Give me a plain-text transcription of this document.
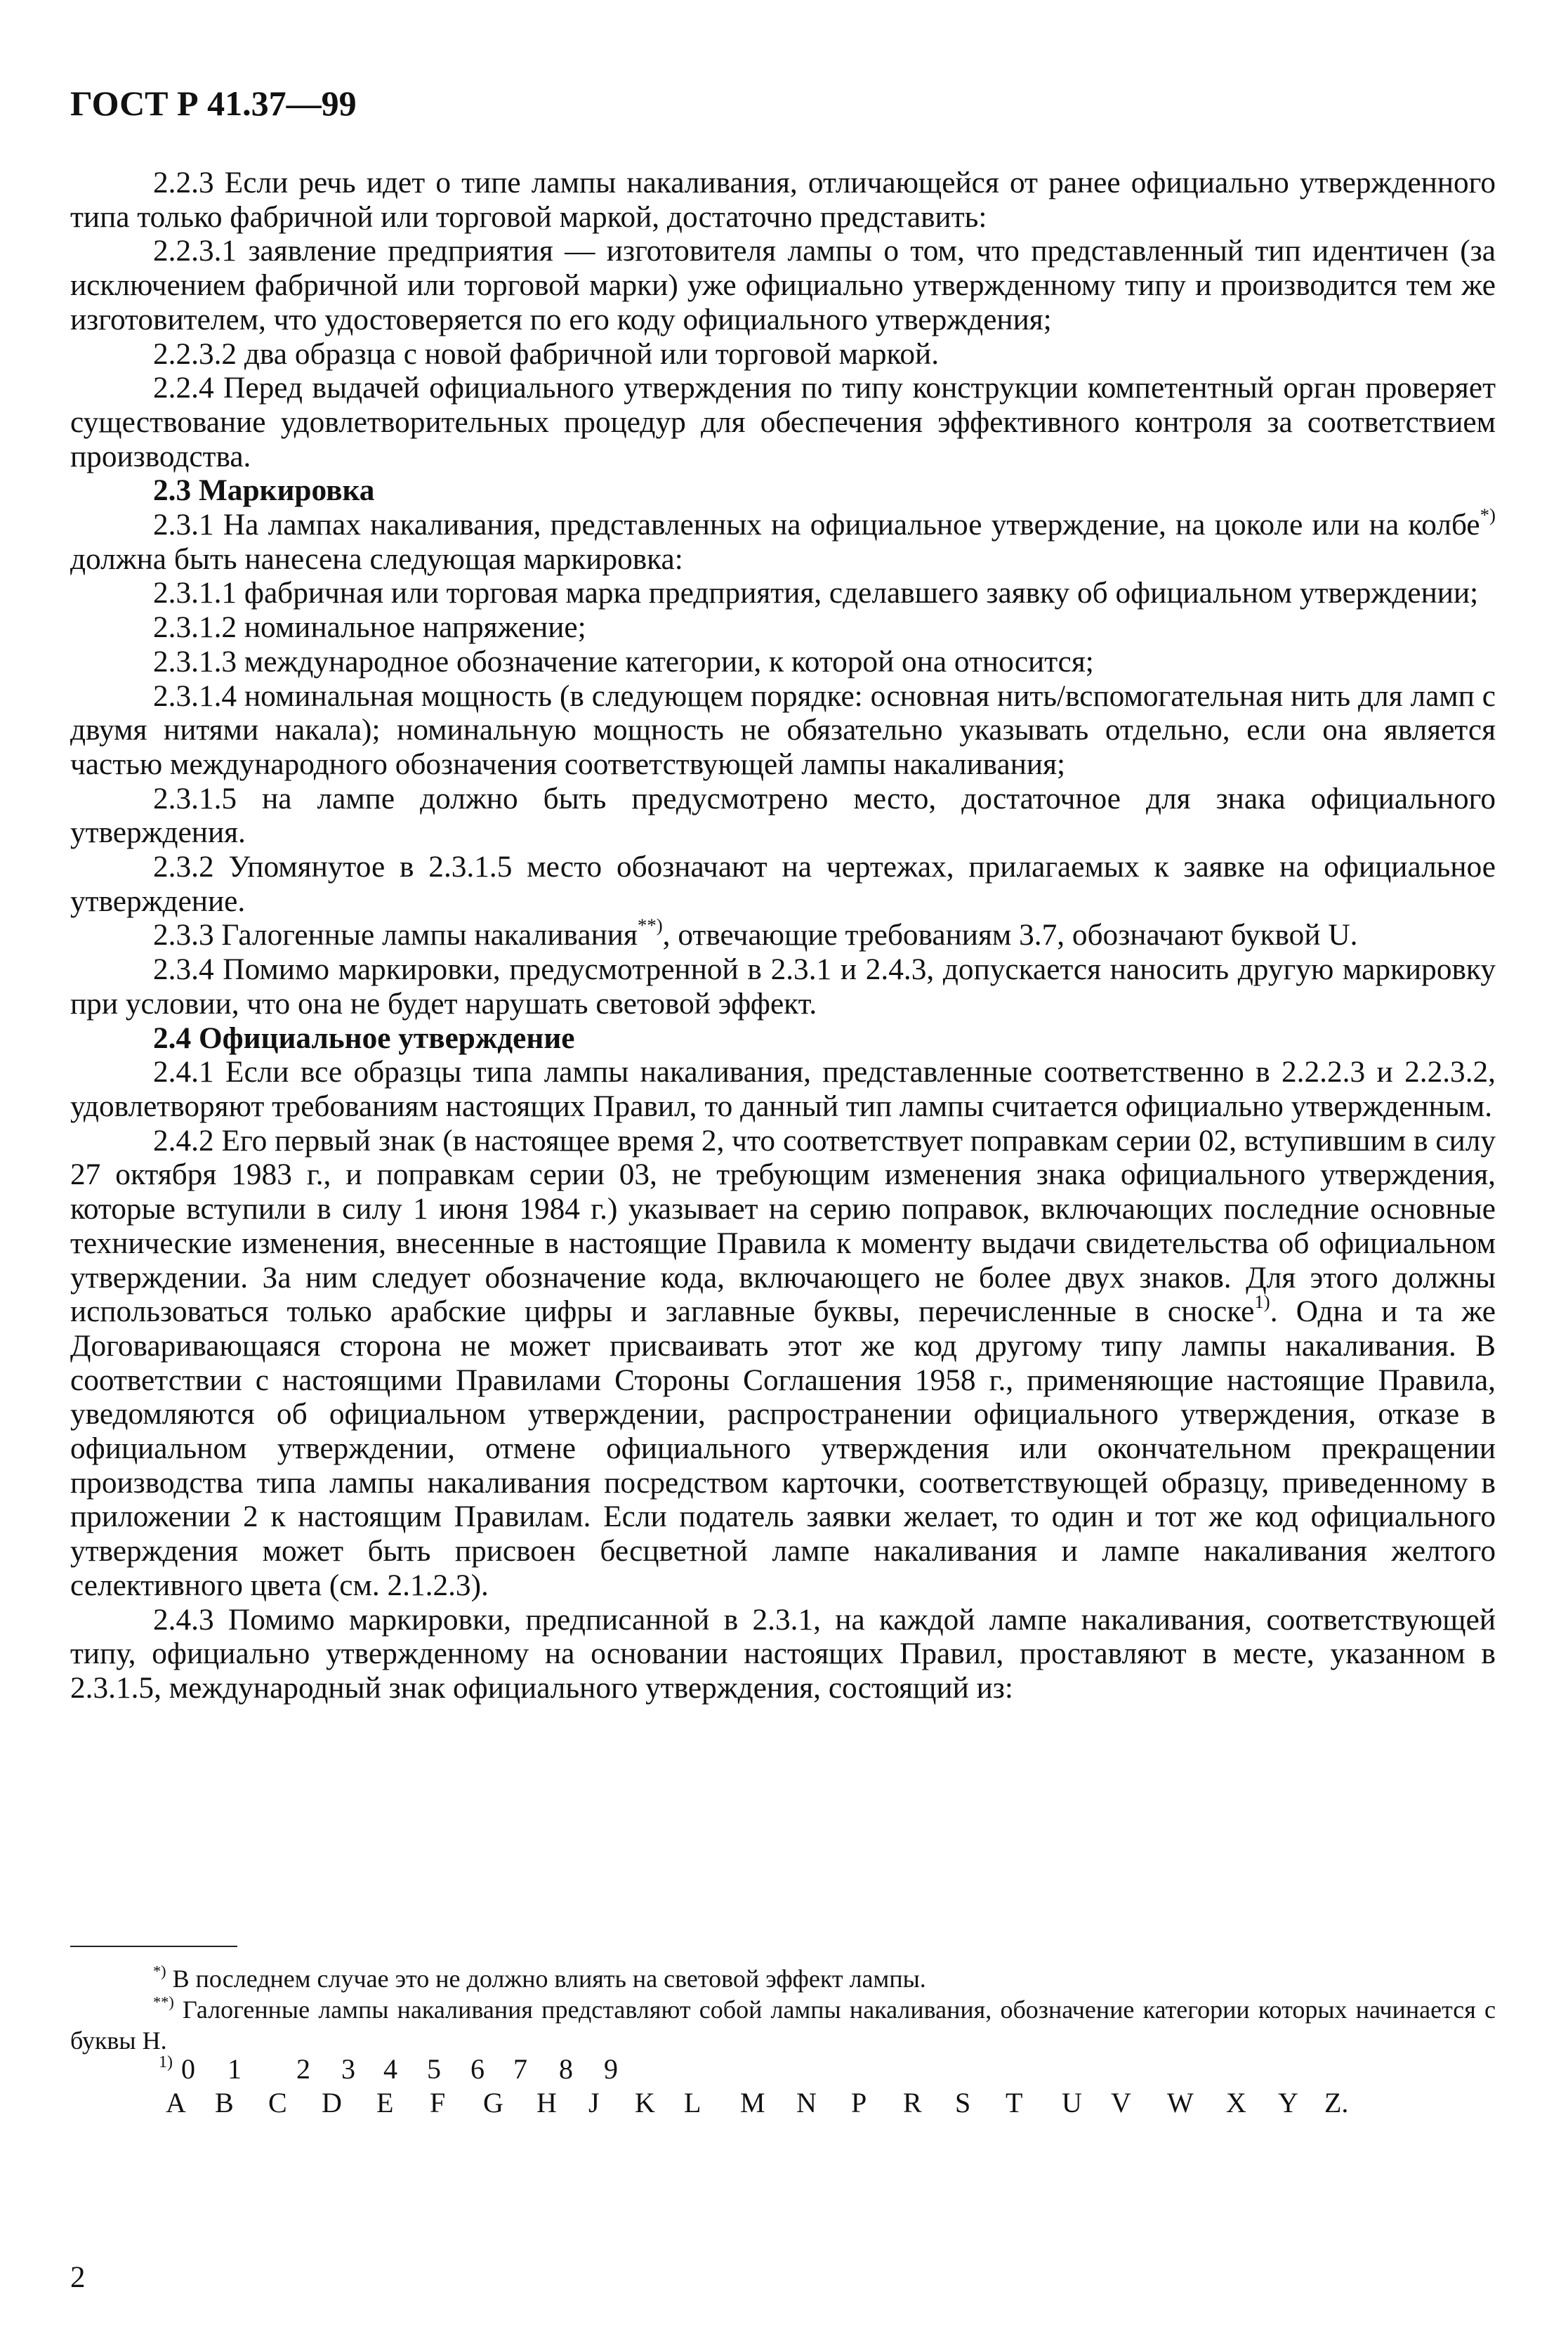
ГОСТ Р 41.37—99

2.2.3 Если речь идет о типе лампы накаливания, отличающейся от ранее официально утвержденного типа только фабричной или торговой маркой, достаточно представить:

2.2.3.1 заявление предприятия — изготовителя лампы о том, что представленный тип идентичен (за исключением фабричной или торговой марки) уже официально утвержденному типу и производится тем же изготовителем, что удостоверяется по его коду официального утверждения;

2.2.3.2 два образца с новой фабричной или торговой маркой.

2.2.4 Перед выдачей официального утверждения по типу конструкции компетентный орган проверяет существование удовлетворительных процедур для обеспечения эффективного контроля за соответствием производства.

2.3 Маркировка

2.3.1 На лампах накаливания, представленных на официальное утверждение, на цоколе или на колбе*) должна быть нанесена следующая маркировка:

2.3.1.1 фабричная или торговая марка предприятия, сделавшего заявку об официальном утверждении;

2.3.1.2 номинальное напряжение;

2.3.1.3 международное обозначение категории, к которой она относится;

2.3.1.4 номинальная мощность (в следующем порядке: основная нить/вспомогательная нить для ламп с двумя нитями накала); номинальную мощность не обязательно указывать отдельно, если она является частью международного обозначения соответствующей лампы накаливания;

2.3.1.5 на лампе должно быть предусмотрено место, достаточное для знака официального утверждения.

2.3.2 Упомянутое в 2.3.1.5 место обозначают на чертежах, прилагаемых к заявке на официальное утверждение.

2.3.3 Галогенные лампы накаливания**), отвечающие требованиям 3.7, обозначают буквой U.

2.3.4 Помимо маркировки, предусмотренной в 2.3.1 и 2.4.3, допускается наносить другую маркировку при условии, что она не будет нарушать световой эффект.

2.4 Официальное утверждение

2.4.1 Если все образцы типа лампы накаливания, представленные соответственно в 2.2.2.3 и 2.2.3.2, удовлетворяют требованиям настоящих Правил, то данный тип лампы считается официально утвержденным.

2.4.2 Его первый знак (в настоящее время 2, что соответствует поправкам серии 02, вступившим в силу 27 октября 1983 г., и поправкам серии 03, не требующим изменения знака официального утверждения, которые вступили в силу 1 июня 1984 г.) указывает на серию поправок, включающих последние основные технические изменения, внесенные в настоящие Правила к моменту выдачи свидетельства об официальном утверждении. За ним следует обозначение кода, включающего не более двух знаков. Для этого должны использоваться только арабские цифры и заглавные буквы, перечисленные в сноске$^{1)}$. Одна и та же Договаривающаяся сторона не может присваивать этот же код другому типу лампы накаливания. В соответствии с настоящими Правилами Стороны Соглашения 1958 г., применяющие настоящие Правила, уведомляются об официальном утверждении, распространении официального утверждения, отказе в официальном утверждении, отмене официального утверждения или окончательном прекращении производства типа лампы накаливания посредством карточки, соответствующей образцу, приведенному в приложении 2 к настоящим Правилам. Если податель заявки желает, то один и тот же код официального утверждения может быть присвоен бесцветной лампе накаливания и лампе накаливания желтого селективного цвета (см. 2.1.2.3).

2.4.3 Помимо маркировки, предписанной в 2.3.1, на каждой лампе накаливания, соответствующей типу, официально утвержденному на основании настоящих Правил, проставляют в месте, указанном в 2.3.1.5, международный знак официального утверждения, состоящий из:

*) В последнем случае это не должно влиять на световой эффект лампы.

**) Галогенные лампы накаливания представляют собой лампы накаливания, обозначение категории которых начинается с буквы Н.

1) 0 1 2 3 4 5 6 7 8 9
A B C D E F G H J K L M N P R S T U V W X Y Z.
2
